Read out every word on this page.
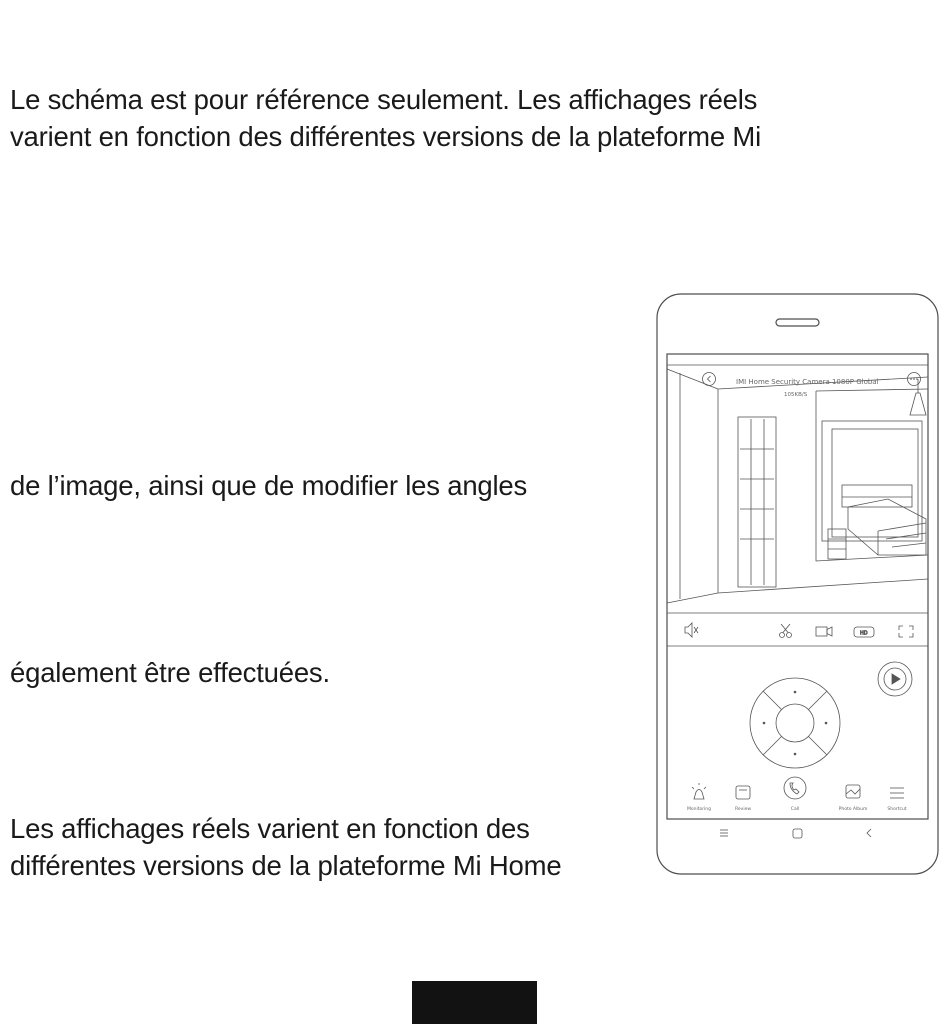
Le schéma est pour référence seulement. Les affichages réels
varient en fonction des différentes versions de la plateforme Mi

de l’image, ainsi que de modifier les angles

également être effectuées.

Les affichages réels varient en fonction des
différentes versions de la plateforme Mi Home

IMI Home Security Camera 1080P Global
105KB/S
HD
Monitoring	Review	Call	Photo Album	Shortcut
